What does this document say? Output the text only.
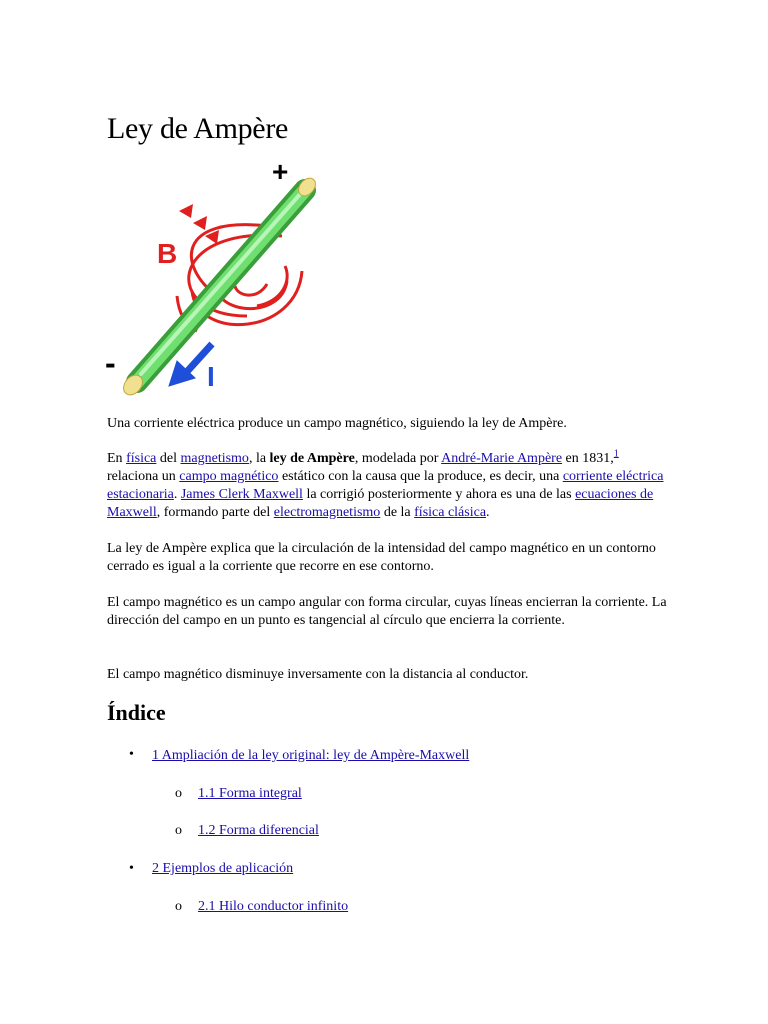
Ley de Ampère
+
-
B
I

Una corriente eléctrica produce un campo magnético, siguiendo la ley de Ampère.

En física del magnetismo, la ley de Ampère, modelada por André-Marie Ampère en 1831,$^1$ relaciona un campo magnético estático con la causa que la produce, es decir, una corriente eléctrica estacionaria. James Clerk Maxwell la corrigió posteriormente y ahora es una de las ecuaciones de Maxwell, formando parte del electromagnetismo de la física clásica.

La ley de Ampère explica que la circulación de la intensidad del campo magnético en un contorno cerrado es igual a la corriente que recorre en ese contorno.

El campo magnético es un campo angular con forma circular, cuyas líneas encierran la corriente. La dirección del campo en un punto es tangencial al círculo que encierra la corriente.

El campo magnético disminuye inversamente con la distancia al conductor.

Índice
• 1 Ampliación de la ley original: ley de Ampère-Maxwell
o 1.1 Forma integral
o 1.2 Forma diferencial
• 2 Ejemplos de aplicación
o 2.1 Hilo conductor infinito
